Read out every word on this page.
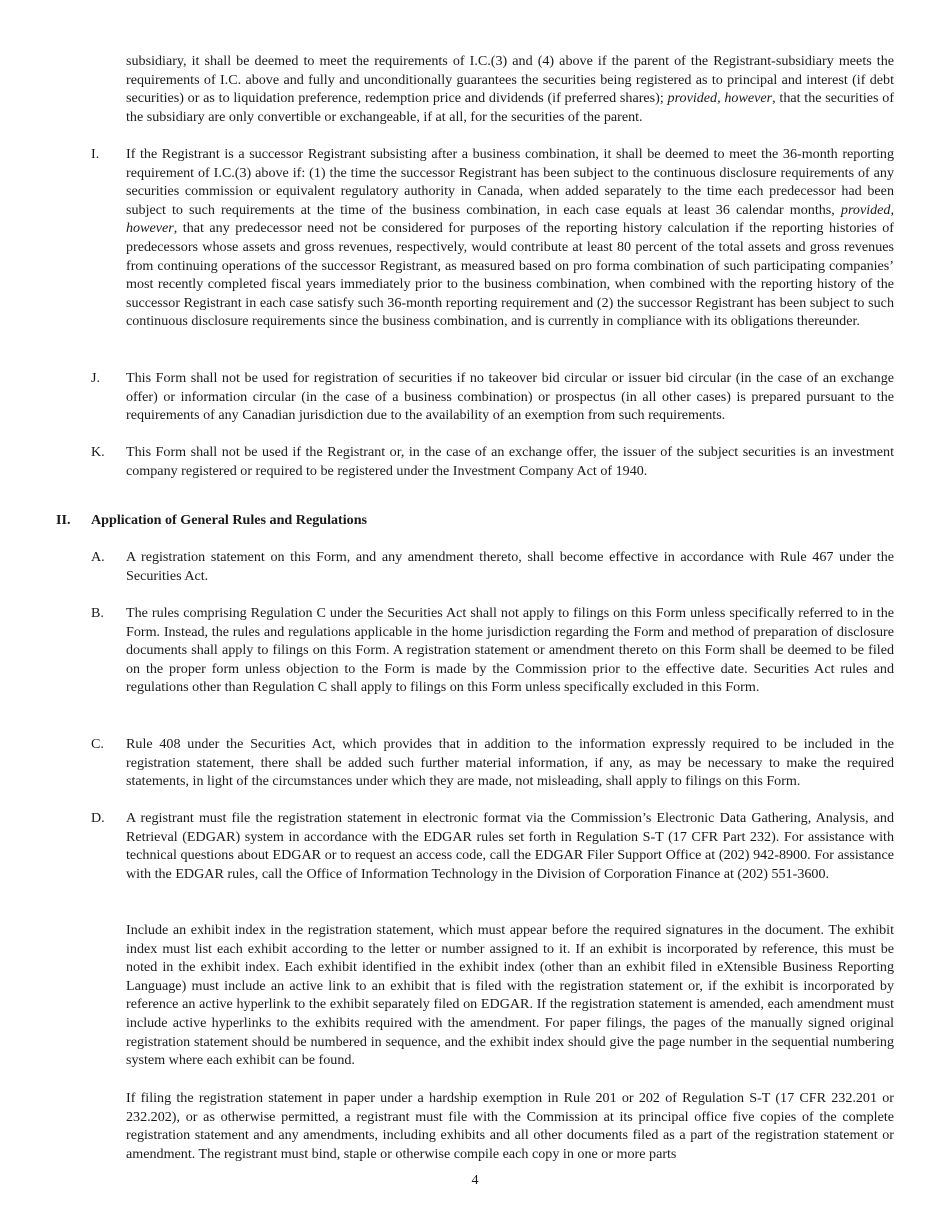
subsidiary, it shall be deemed to meet the requirements of I.C.(3) and (4) above if the parent of the Registrant-subsidiary meets the requirements of I.C. above and fully and unconditionally guarantees the securities being registered as to principal and interest (if debt securities) or as to liquidation preference, redemption price and dividends (if preferred shares); provided, however, that the securities of the subsidiary are only convertible or exchangeable, if at all, for the securities of the parent.

I. If the Registrant is a successor Registrant subsisting after a business combination, it shall be deemed to meet the 36-month reporting requirement of I.C.(3) above if: (1) the time the successor Registrant has been subject to the continuous disclosure requirements of any securities commission or equivalent regulatory authority in Canada, when added separately to the time each predecessor had been subject to such requirements at the time of the business combination, in each case equals at least 36 calendar months, provided, however, that any predecessor need not be considered for purposes of the reporting history calculation if the reporting histories of predecessors whose assets and gross revenues, respectively, would contribute at least 80 percent of the total assets and gross revenues from continuing operations of the successor Registrant, as measured based on pro forma combination of such participating companies’ most recently completed fiscal years immediately prior to the business combination, when combined with the reporting history of the successor Registrant in each case satisfy such 36-month reporting requirement and (2) the successor Registrant has been subject to such continuous disclosure requirements since the business combination, and is currently in compliance with its obligations thereunder.
J. This Form shall not be used for registration of securities if no takeover bid circular or issuer bid circular (in the case of an exchange offer) or information circular (in the case of a business combination) or prospectus (in all other cases) is prepared pursuant to the requirements of any Canadian jurisdiction due to the availability of an exemption from such requirements.
K. This Form shall not be used if the Registrant or, in the case of an exchange offer, the issuer of the subject securities is an investment company registered or required to be registered under the Investment Company Act of 1940.
II. Application of General Rules and Regulations
A. A registration statement on this Form, and any amendment thereto, shall become effective in accordance with Rule 467 under the Securities Act.
B. The rules comprising Regulation C under the Securities Act shall not apply to filings on this Form unless specifically referred to in the Form. Instead, the rules and regulations applicable in the home jurisdiction regarding the Form and method of preparation of disclosure documents shall apply to filings on this Form. A registration statement or amendment thereto on this Form shall be deemed to be filed on the proper form unless objection to the Form is made by the Commission prior to the effective date. Securities Act rules and regulations other than Regulation C shall apply to filings on this Form unless specifically excluded in this Form.
C. Rule 408 under the Securities Act, which provides that in addition to the information expressly required to be included in the registration statement, there shall be added such further material information, if any, as may be necessary to make the required statements, in light of the circumstances under which they are made, not misleading, shall apply to filings on this Form.
D. A registrant must file the registration statement in electronic format via the Commission’s Electronic Data Gathering, Analysis, and Retrieval (EDGAR) system in accordance with the EDGAR rules set forth in Regulation S-T (17 CFR Part 232). For assistance with technical questions about EDGAR or to request an access code, call the EDGAR Filer Support Office at (202) 942-8900. For assistance with the EDGAR rules, call the Office of Information Technology in the Division of Corporation Finance at (202) 551-3600.

Include an exhibit index in the registration statement, which must appear before the required signatures in the document. The exhibit index must list each exhibit according to the letter or number assigned to it. If an exhibit is incorporated by reference, this must be noted in the exhibit index. Each exhibit identified in the exhibit index (other than an exhibit filed in eXtensible Business Reporting Language) must include an active link to an exhibit that is filed with the registration statement or, if the exhibit is incorporated by reference an active hyperlink to the exhibit separately filed on EDGAR. If the registration statement is amended, each amendment must include active hyperlinks to the exhibits required with the amendment. For paper filings, the pages of the manually signed original registration statement should be numbered in sequence, and the exhibit index should give the page number in the sequential numbering system where each exhibit can be found.

If filing the registration statement in paper under a hardship exemption in Rule 201 or 202 of Regulation S-T (17 CFR 232.201 or 232.202), or as otherwise permitted, a registrant must file with the Commission at its principal office five copies of the complete registration statement and any amendments, including exhibits and all other documents filed as a part of the registration statement or amendment. The registrant must bind, staple or otherwise compile each copy in one or more parts

4
